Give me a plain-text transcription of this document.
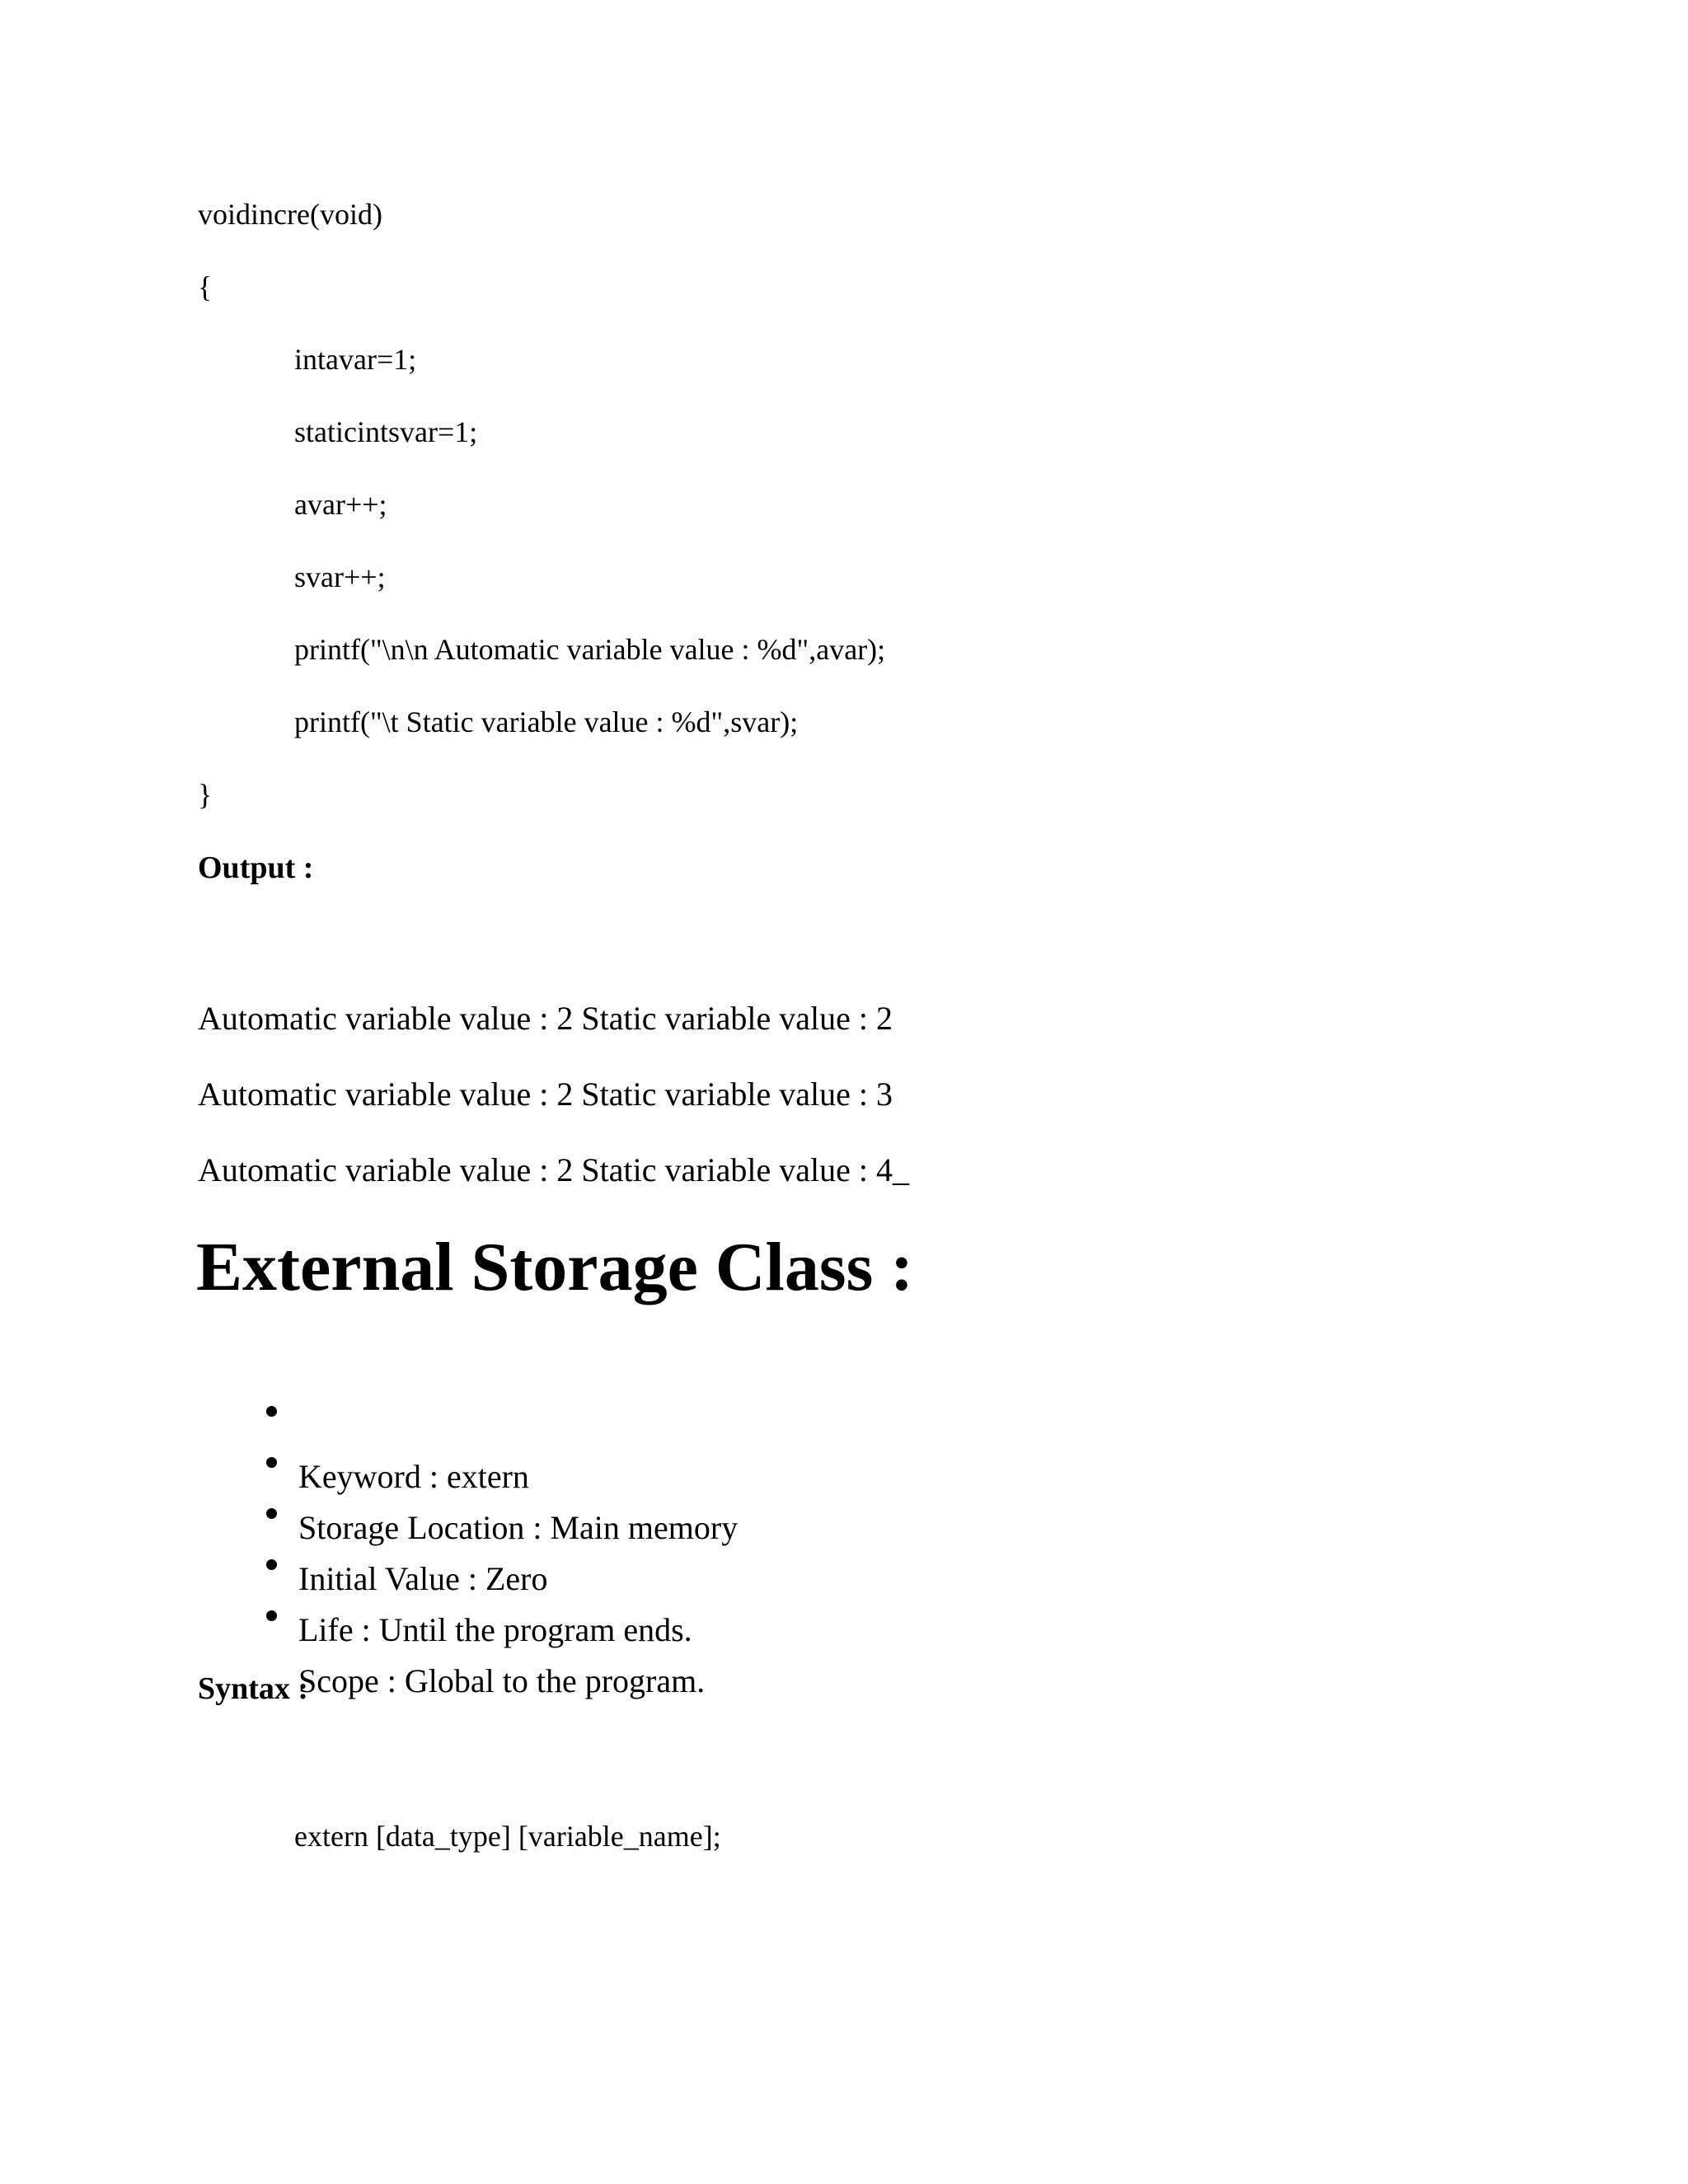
voidincre(void)
{
intavar=1;
staticintsvar=1;
avar++;
svar++;
printf("\n\n Automatic variable value : %d",avar);
printf("\t Static variable value : %d",svar);
}
Output :
Automatic variable value : 2 Static variable value : 2
Automatic variable value : 2 Static variable value : 3
Automatic variable value : 2 Static variable value : 4_
External Storage Class :

Keyword : extern

Storage Location : Main memory

Initial Value : Zero

Life : Until the program ends.

Scope : Global to the program.

Syntax :
extern [data_type] [variable_name];
